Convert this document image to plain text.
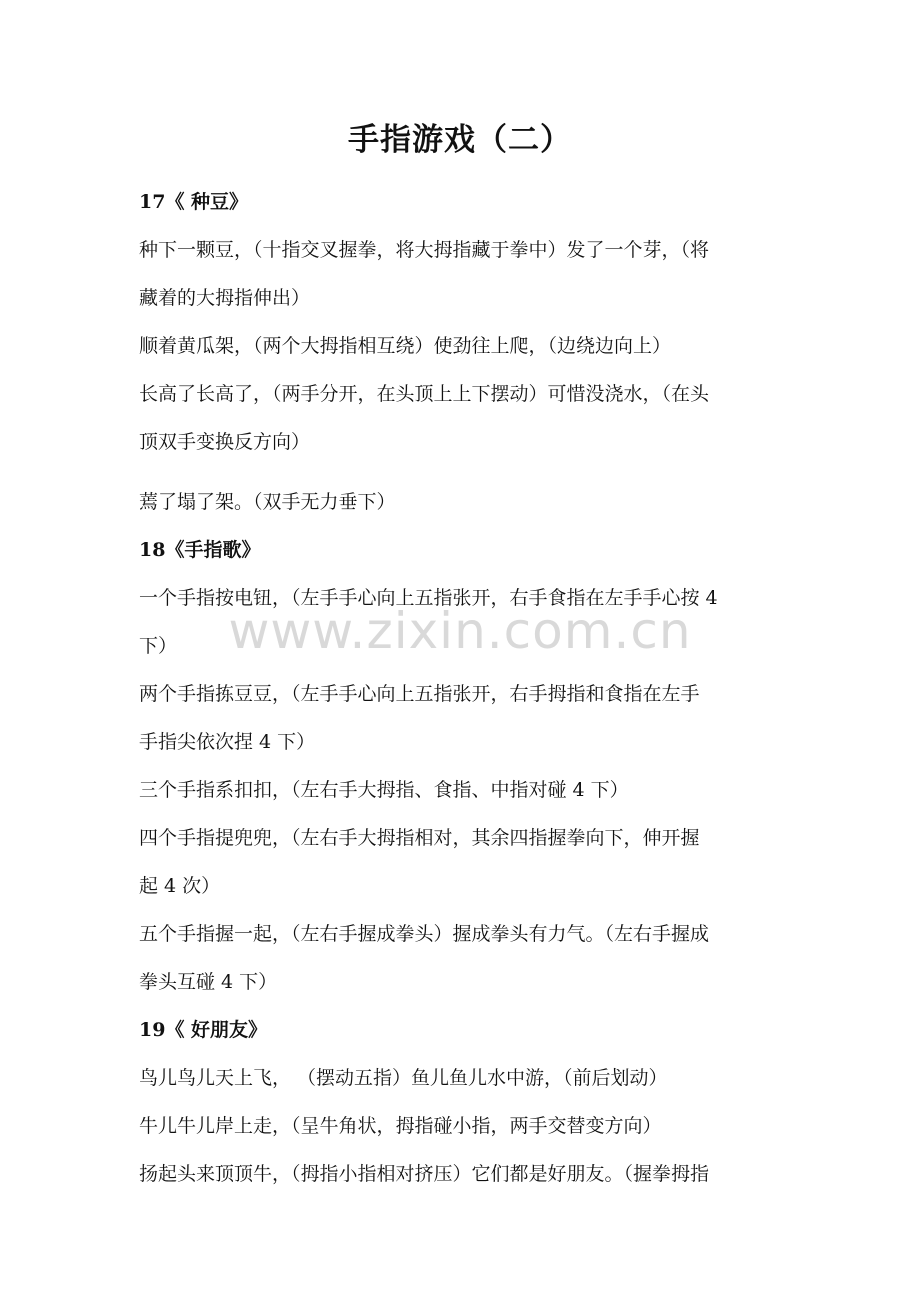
手指游戏（二）

17《 种豆》

种下一颗豆，（十指交叉握拳，将大拇指藏于拳中）发了一个芽，（将

藏着的大拇指伸出）

顺着黄瓜架，（两个大拇指相互绕）使劲往上爬，（边绕边向上）

长高了长高了，（两手分开，在头顶上上下摆动）可惜没浇水，（在头

顶双手变换反方向）

蔫了塌了架。（双手无力垂下）

18《手指歌》

一个手指按电钮，（左手手心向上五指张开，右手食指在左手手心按 4

下）

两个手指拣豆豆，（左手手心向上五指张开，右手拇指和食指在左手

手指尖依次捏 4 下）

三个手指系扣扣，（左右手大拇指、食指、中指对碰 4 下）

四个手指提兜兜，（左右手大拇指相对，其余四指握拳向下，伸开握

起 4 次）

五个手指握一起，（左右手握成拳头）握成拳头有力气。（左右手握成

拳头互碰 4 下）

19《 好朋友》

鸟儿鸟儿天上飞， （摆动五指）鱼儿鱼儿水中游，（前后划动）

牛儿牛儿岸上走，（呈牛角状，拇指碰小指，两手交替变方向）

扬起头来顶顶牛，（拇指小指相对挤压）它们都是好朋友。（握拳拇指

www.zixin.com.cn
